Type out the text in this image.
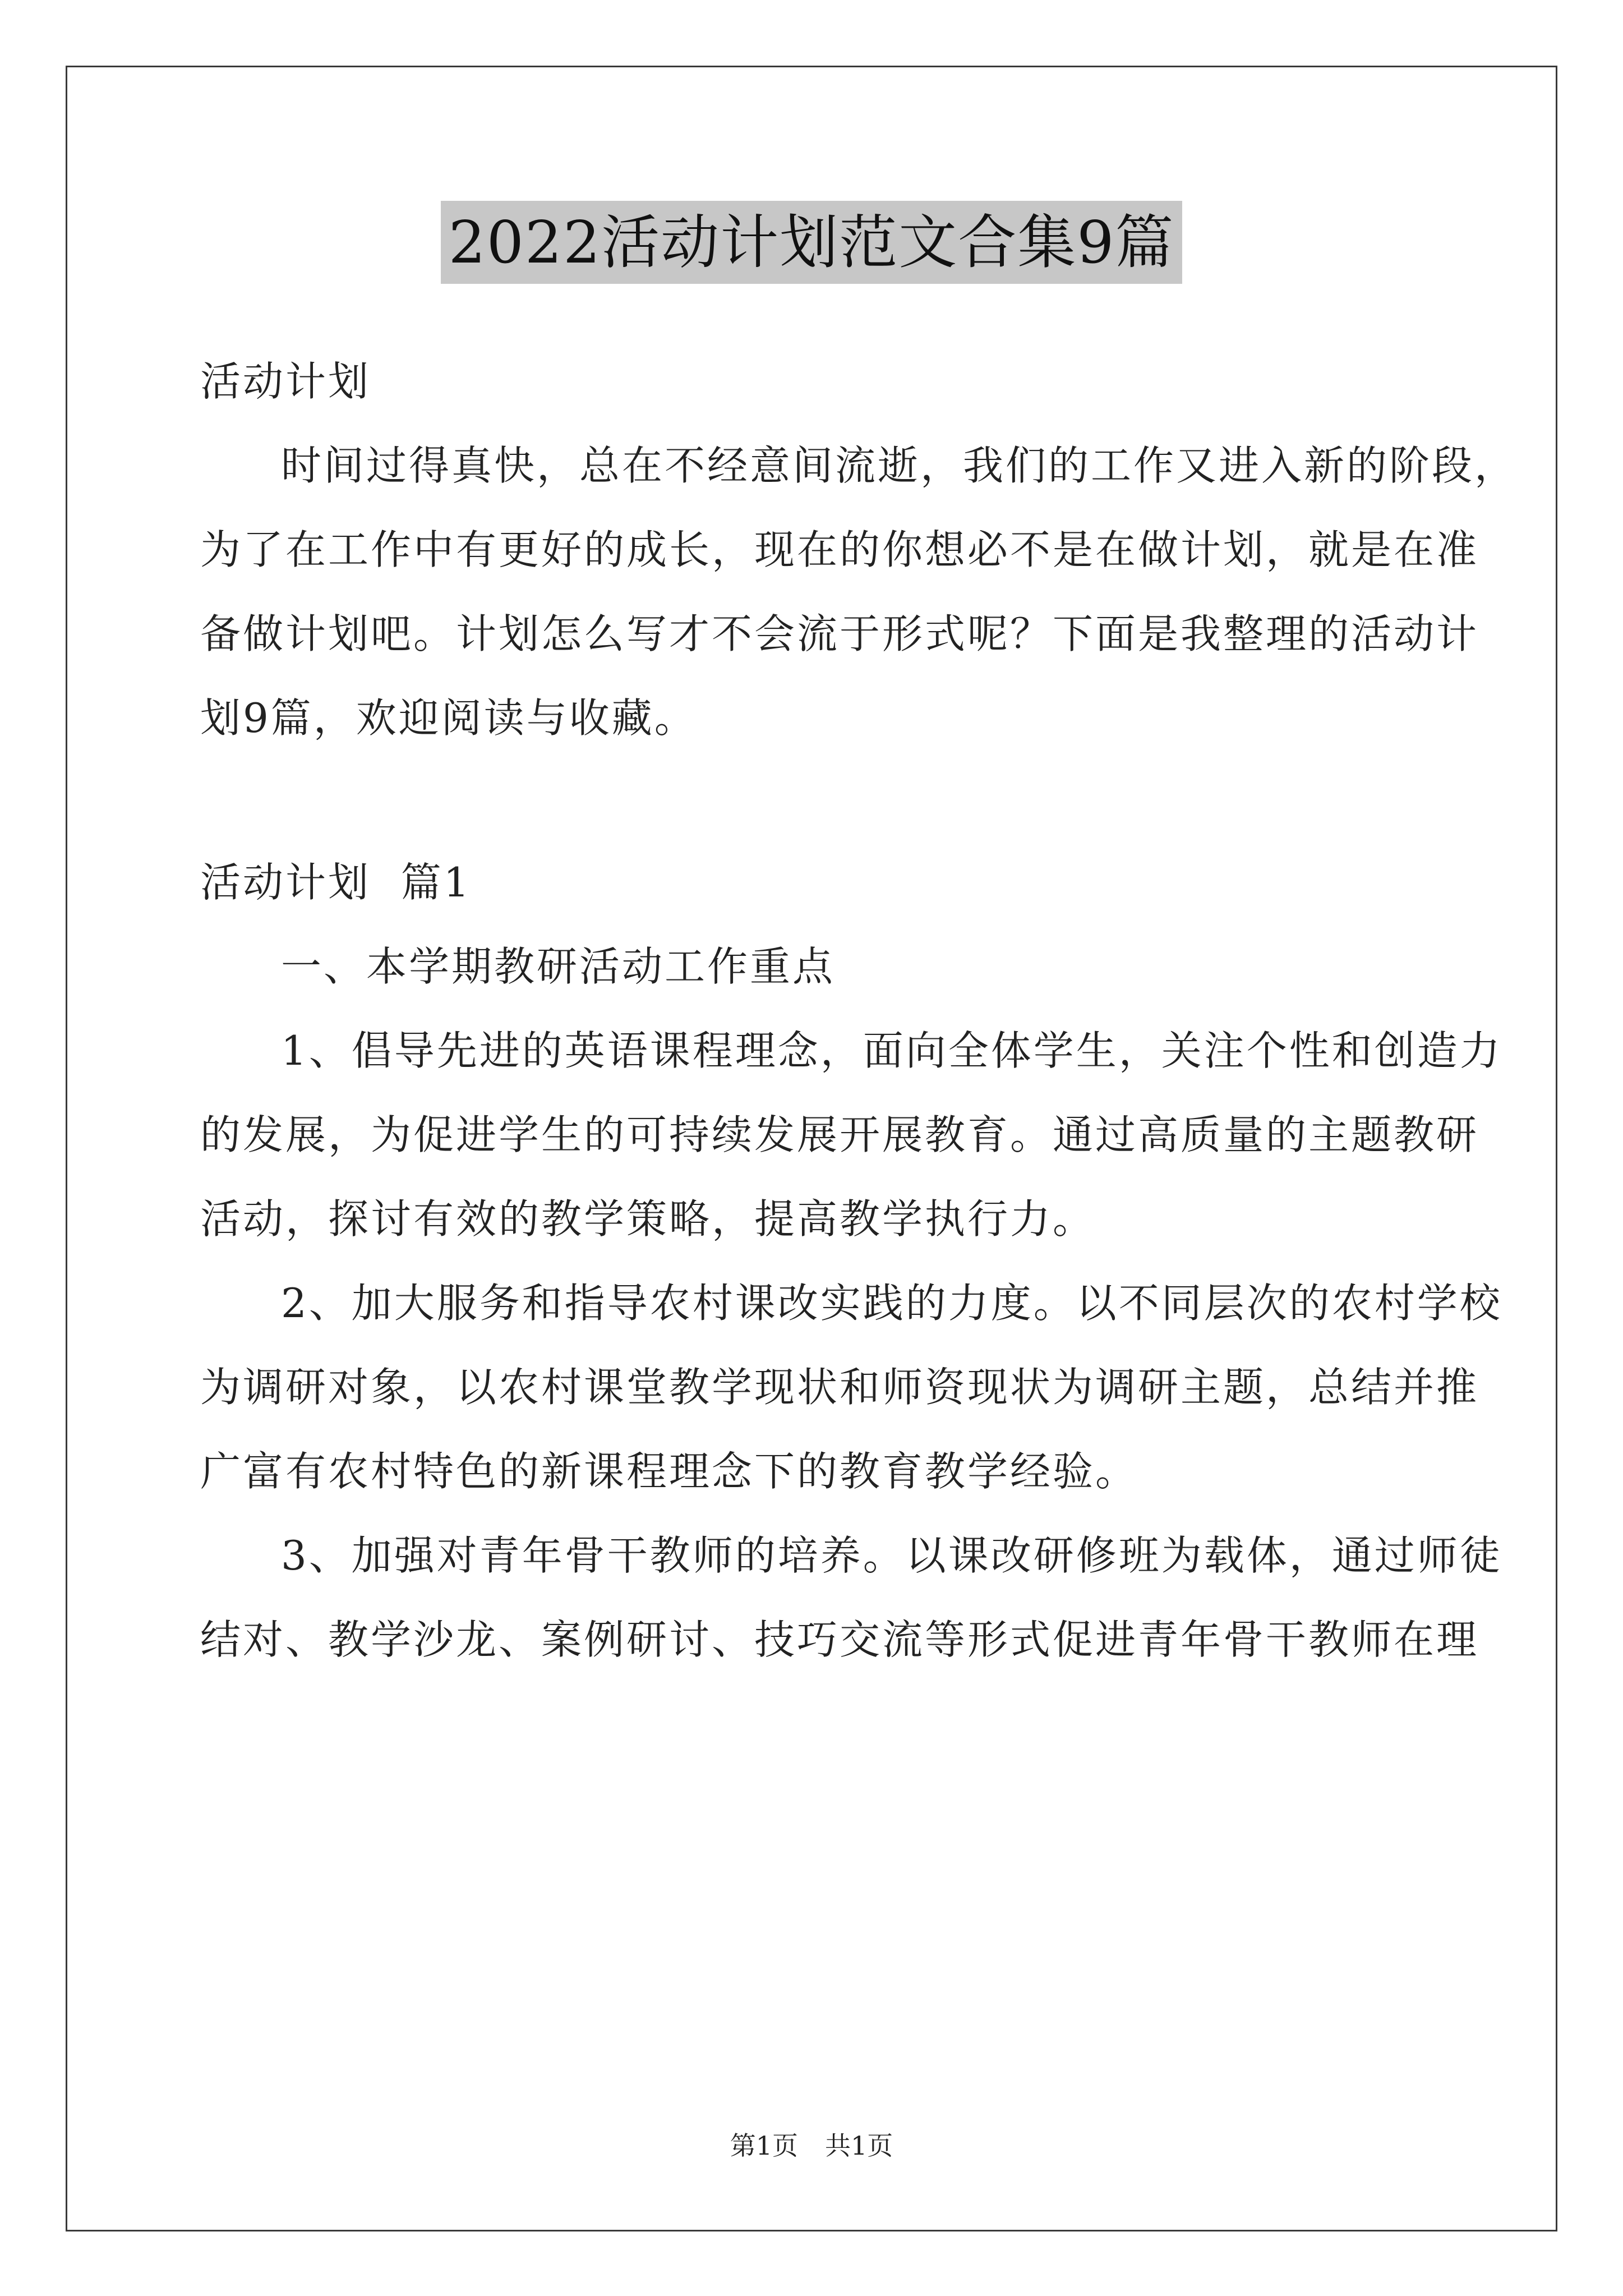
2022活动计划范文合集9篇
活动计划
时间过得真快，总在不经意间流逝，我们的工作又进入新的阶段，
为了在工作中有更好的成长，现在的你想必不是在做计划，就是在准
备做计划吧。计划怎么写才不会流于形式呢？下面是我整理的活动计
划9篇，欢迎阅读与收藏。
活动计划  篇1
一、本学期教研活动工作重点
1、倡导先进的英语课程理念，面向全体学生，关注个性和创造力
的发展，为促进学生的可持续发展开展教育。通过高质量的主题教研
活动，探讨有效的教学策略，提高教学执行力。
2、加大服务和指导农村课改实践的力度。以不同层次的农村学校
为调研对象，以农村课堂教学现状和师资现状为调研主题，总结并推
广富有农村特色的新课程理念下的教育教学经验。
3、加强对青年骨干教师的培养。以课改研修班为载体，通过师徒
结对、教学沙龙、案例研讨、技巧交流等形式促进青年骨干教师在理
第1页 共1页
